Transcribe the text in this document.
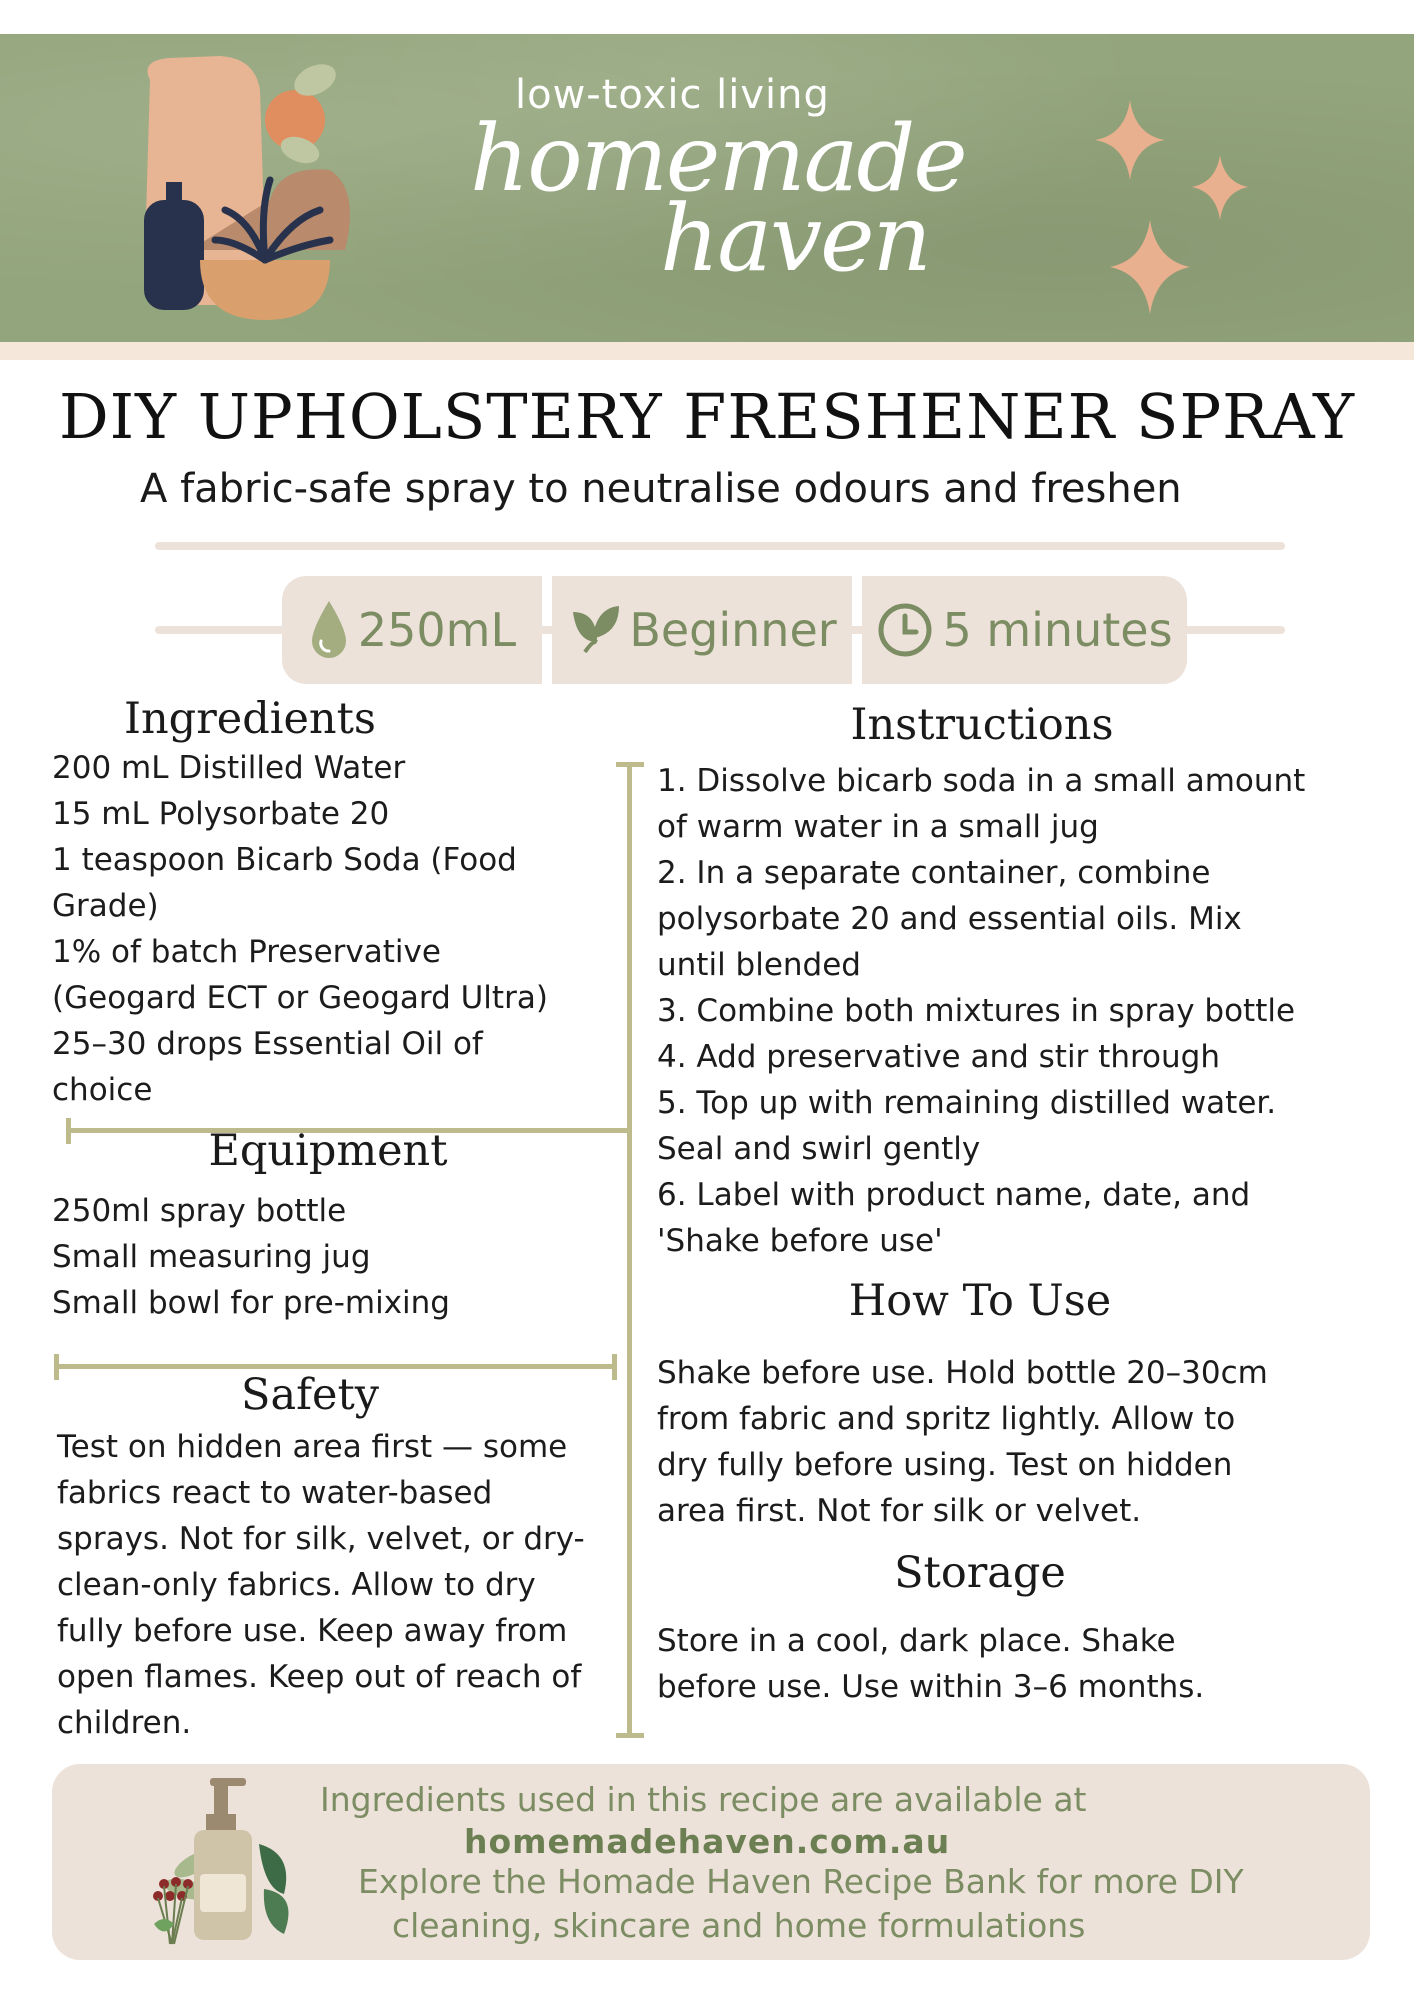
low-toxic living
homemade
haven
DIY UPHOLSTERY FRESHENER SPRAY
A fabric-safe spray to neutralise odours and freshen
250mL Beginner 5 minutes
Ingredients
200 mL Distilled Water
15 mL Polysorbate 20
1 teaspoon Bicarb Soda (Food
Grade)
1% of batch Preservative
(Geogard ECT or Geogard Ultra)
25–30 drops Essential Oil of
choice
Equipment
250ml spray bottle
Small measuring jug
Small bowl for pre-mixing
Safety
Test on hidden area first — some
fabrics react to water-based
sprays. Not for silk, velvet, or dry-
clean-only fabrics. Allow to dry
fully before use. Keep away from
open flames. Keep out of reach of
children.
Instructions
1. Dissolve bicarb soda in a small amount
of warm water in a small jug
2. In a separate container, combine
polysorbate 20 and essential oils. Mix
until blended
3. Combine both mixtures in spray bottle
4. Add preservative and stir through
5. Top up with remaining distilled water.
Seal and swirl gently
6. Label with product name, date, and
'Shake before use'
How To Use
Shake before use. Hold bottle 20–30cm
from fabric and spritz lightly. Allow to
dry fully before using. Test on hidden
area first. Not for silk or velvet.
Storage
Store in a cool, dark place. Shake
before use. Use within 3–6 months.
Ingredients used in this recipe are available at
homemadehaven.com.au
Explore the Homade Haven Recipe Bank for more DIY
cleaning, skincare and home formulations
